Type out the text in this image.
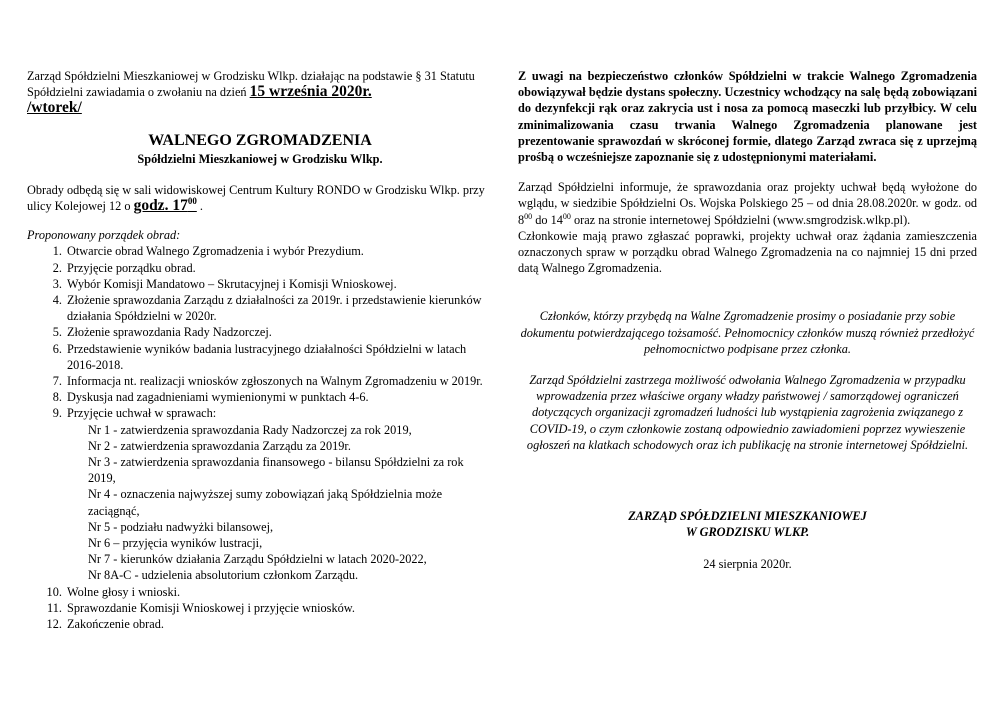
Zarząd Spółdzielni Mieszkaniowej w Grodzisku Wlkp. działając na podstawie § 31 Statutu Spółdzielni zawiadamia o zwołaniu na dzień 15 września 2020r.
/wtorek/

WALNEGO ZGROMADZENIA
Spółdzielni Mieszkaniowej w Grodzisku Wlkp.

Obrady odbędą się w sali widowiskowej Centrum Kultury RONDO w Grodzisku Wlkp. przy ulicy Kolejowej 12 o godz. $17^{00}$ .

Proponowany porządek obrad:

1. Otwarcie obrad Walnego Zgromadzenia i wybór Prezydium.
2. Przyjęcie porządku obrad.
3. Wybór Komisji Mandatowo – Skrutacyjnej i Komisji Wnioskowej.
4. Złożenie sprawozdania Zarządu z działalności za 2019r. i przedstawienie kierunków działania Spółdzielni w 2020r.
5. Złożenie sprawozdania Rady Nadzorczej.
6. Przedstawienie wyników badania lustracyjnego działalności Spółdzielni w latach 2016-2018.
7. Informacja nt. realizacji wniosków zgłoszonych na Walnym Zgromadzeniu w 2019r.
8. Dyskusja nad zagadnieniami wymienionymi w punktach 4-6.
9. Przyjęcie uchwał w sprawach:
Nr 1 - zatwierdzenia sprawozdania Rady Nadzorczej za rok 2019,
Nr 2 - zatwierdzenia sprawozdania Zarządu za 2019r.
Nr 3 - zatwierdzenia sprawozdania finansowego - bilansu Spółdzielni za rok 2019,
Nr 4 - oznaczenia najwyższej sumy zobowiązań jaką Spółdzielnia może zaciągnąć,
Nr 5 - podziału nadwyżki bilansowej,
Nr 6 – przyjęcia wyników lustracji,
Nr 7 - kierunków działania Zarządu Spółdzielni w latach 2020-2022,
Nr 8A-C - udzielenia absolutorium członkom Zarządu.
10. Wolne głosy i wnioski.
11. Sprawozdanie Komisji Wnioskowej i przyjęcie wniosków.
12. Zakończenie obrad.

Z uwagi na bezpieczeństwo członków Spółdzielni w trakcie Walnego Zgromadzenia obowiązywał będzie dystans społeczny. Uczestnicy wchodzący na salę będą zobowiązani do dezynfekcji rąk oraz zakrycia ust i nosa za pomocą maseczki lub przyłbicy. W celu zminimalizowania czasu trwania Walnego Zgromadzenia planowane jest prezentowanie sprawozdań w skróconej formie, dlatego Zarząd zwraca się z uprzejmą prośbą o wcześniejsze zapoznanie się z udostępnionymi materiałami.

Zarząd Spółdzielni informuje, że sprawozdania oraz projekty uchwał będą wyłożone do wglądu, w siedzibie Spółdzielni Os. Wojska Polskiego 25 – od dnia 28.08.2020r. w godz. od $8^{00}$ do $14^{00}$ oraz na stronie internetowej Spółdzielni (www.smgrodzisk.wlkp.pl).

Członkowie mają prawo zgłaszać poprawki, projekty uchwał oraz żądania zamieszczenia oznaczonych spraw w porządku obrad Walnego Zgromadzenia na co najmniej 15 dni przed datą Walnego Zgromadzenia.

Członków, którzy przybędą na Walne Zgromadzenie prosimy o posiadanie przy sobie dokumentu potwierdzającego tożsamość. Pełnomocnicy członków muszą również przedłożyć pełnomocnictwo podpisane przez członka.

Zarząd Spółdzielni zastrzega możliwość odwołania Walnego Zgromadzenia w przypadku wprowadzenia przez właściwe organy władzy państwowej / samorządowej ograniczeń dotyczących organizacji zgromadzeń ludności lub wystąpienia zagrożenia związanego z COVID-19, o czym członkowie zostaną odpowiednio zawiadomieni poprzez wywieszenie ogłoszeń na klatkach schodowych oraz ich publikację na stronie internetowej Spółdzielni.

ZARZĄD SPÓŁDZIELNI MIESZKANIOWEJ
W GRODZISKU WLKP.
24 sierpnia 2020r.
